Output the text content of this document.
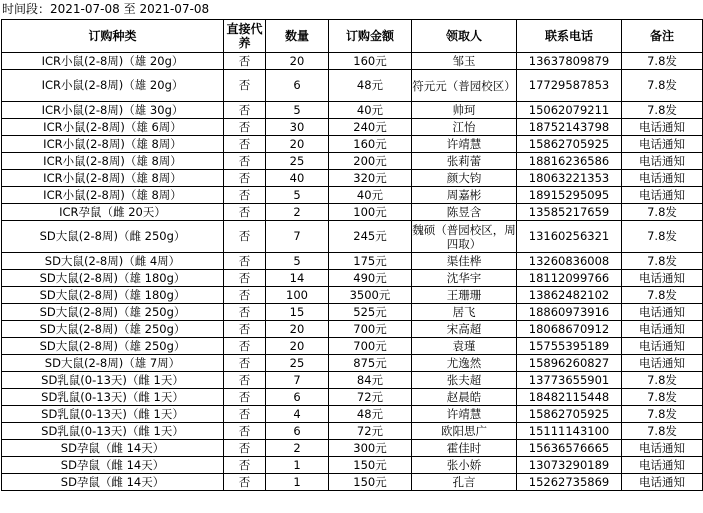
时间段：2021-07-08 至 2021-07-08
订购种类	直接代养	数量	订购金额	领取人	联系电话	备注
ICR小鼠(2-8周)（雄 20g）	否	20	160元	邹玉	13637809879	7.8发
ICR小鼠(2-8周)（雄 20g）	否	6	48元	符元元（普园校区）	17729587853	7.8发
ICR小鼠(2-8周)（雄 30g）	否	5	40元	帅珂	15062079211	7.8发
ICR小鼠(2-8周)（雄 6周）	否	30	240元	江怡	18752143798	电话通知
ICR小鼠(2-8周)（雄 8周）	否	20	160元	许靖慧	15862705925	电话通知
ICR小鼠(2-8周)（雄 8周）	否	25	200元	张莉蕾	18816236586	电话通知
ICR小鼠(2-8周)（雄 8周）	否	40	320元	颜大钧	18063221353	电话通知
ICR小鼠(2-8周)（雄 8周）	否	5	40元	周嘉彬	18915295095	电话通知
ICR孕鼠（雌 20天）	否	2	100元	陈昱含	13585217659	7.8发
SD大鼠(2-8周)（雌 250g）	否	7	245元	魏硕（普园校区，周四取）	13160256321	7.8发
SD大鼠(2-8周)（雌 4周）	否	5	175元	渠佳桦	13260836008	7.8发
SD大鼠(2-8周)（雄 180g）	否	14	490元	沈华宇	18112099766	电话通知
SD大鼠(2-8周)（雄 180g）	否	100	3500元	王珊珊	13862482102	7.8发
SD大鼠(2-8周)（雄 250g）	否	15	525元	居飞	18860973916	电话通知
SD大鼠(2-8周)（雄 250g）	否	20	700元	宋高超	18068670912	电话通知
SD大鼠(2-8周)（雄 250g）	否	20	700元	袁瑾	15755395189	电话通知
SD大鼠(2-8周)（雄 7周）	否	25	875元	尤逸然	15896260827	电话通知
SD乳鼠(0-13天)（雌 1天）	否	7	84元	张夫超	13773655901	7.8发
SD乳鼠(0-13天)（雌 1天）	否	6	72元	赵晨皓	18482115448	7.8发
SD乳鼠(0-13天)（雌 1天）	否	4	48元	许靖慧	15862705925	7.8发
SD乳鼠(0-13天)（雌 1天）	否	6	72元	欧阳思广	15111143100	7.8发
SD孕鼠（雌 14天）	否	2	300元	霍佳时	15636576665	电话通知
SD孕鼠（雌 14天）	否	1	150元	张小娇	13073290189	电话通知
SD孕鼠（雌 14天）	否	1	150元	孔言	15262735869	电话通知
